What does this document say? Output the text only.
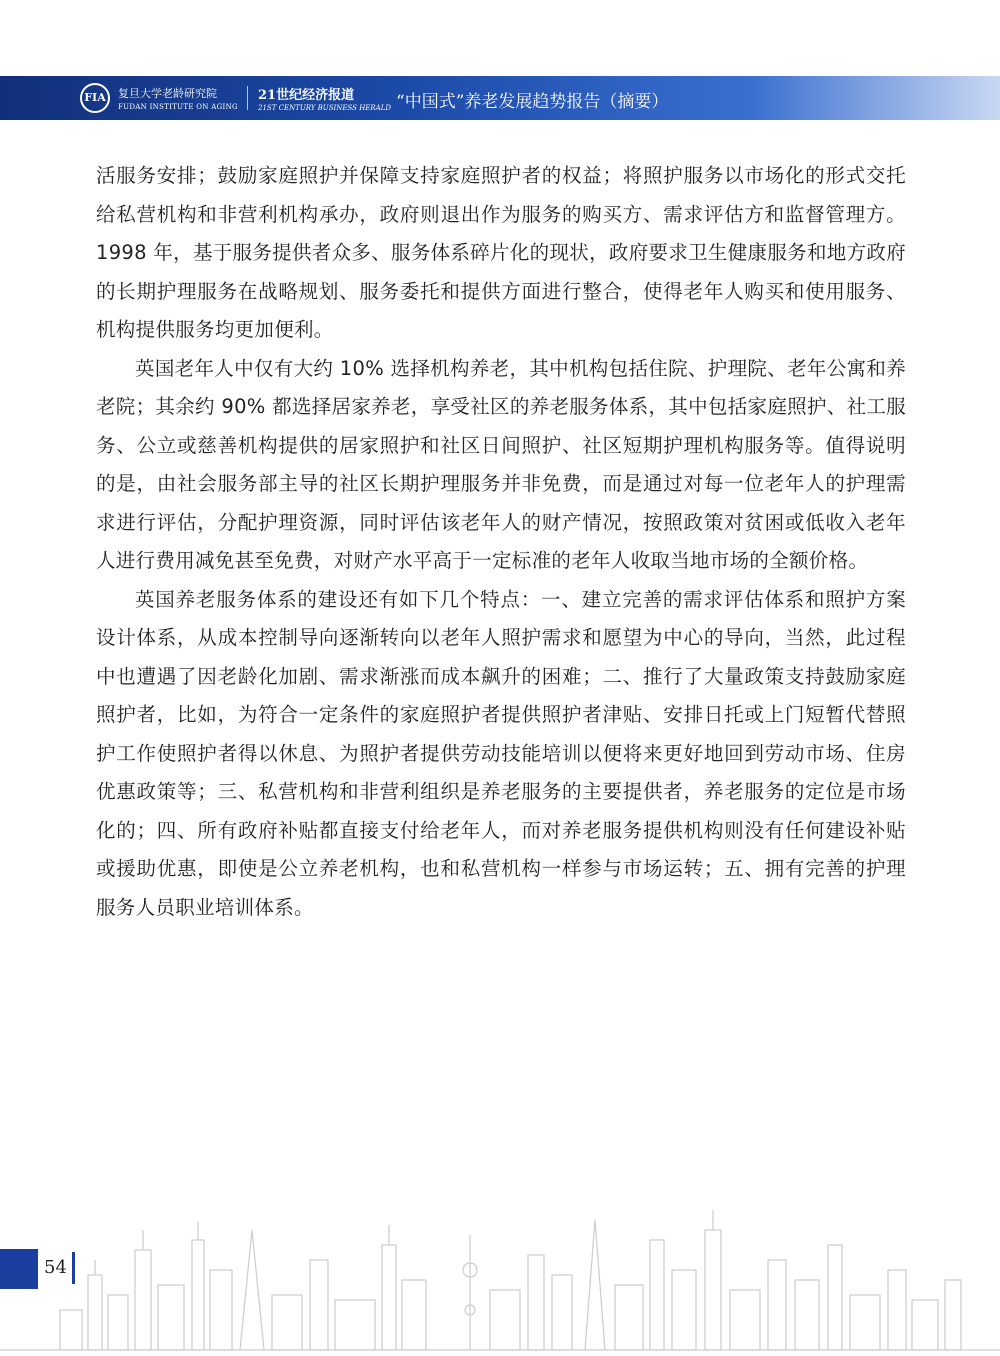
FIA	复旦大学老龄研究院
FUDAN INSTITUTE ON AGING
21世纪经济报道
21ST CENTURY BUSINESS HERALD “中国式”养老发展趋势报告（摘要）

活服务安排；鼓励家庭照护并保障支持家庭照护者的权益；将照护服务以市场化的形式交托给私营机构和非营利机构承办，政府则退出作为服务的购买方、需求评估方和监督管理方。1998 年，基于服务提供者众多、服务体系碎片化的现状，政府要求卫生健康服务和地方政府的长期护理服务在战略规划、服务委托和提供方面进行整合，使得老年人购买和使用服务、机构提供服务均更加便利。

英国老年人中仅有大约 10% 选择机构养老，其中机构包括住院、护理院、老年公寓和养老院；其余约 90% 都选择居家养老，享受社区的养老服务体系，其中包括家庭照护、社工服务、公立或慈善机构提供的居家照护和社区日间照护、社区短期护理机构服务等。值得说明的是，由社会服务部主导的社区长期护理服务并非免费，而是通过对每一位老年人的护理需求进行评估，分配护理资源，同时评估该老年人的财产情况，按照政策对贫困或低收入老年人进行费用减免甚至免费，对财产水平高于一定标准的老年人收取当地市场的全额价格。

英国养老服务体系的建设还有如下几个特点：一、建立完善的需求评估体系和照护方案设计体系，从成本控制导向逐渐转向以老年人照护需求和愿望为中心的导向，当然，此过程中也遭遇了因老龄化加剧、需求渐涨而成本飙升的困难；二、推行了大量政策支持鼓励家庭照护者，比如，为符合一定条件的家庭照护者提供照护者津贴、安排日托或上门短暂代替照护工作使照护者得以休息、为照护者提供劳动技能培训以便将来更好地回到劳动市场、住房优惠政策等；三、私营机构和非营利组织是养老服务的主要提供者，养老服务的定位是市场化的；四、所有政府补贴都直接支付给老年人，而对养老服务提供机构则没有任何建设补贴或援助优惠，即使是公立养老机构，也和私营机构一样参与市场运转；五、拥有完善的护理服务人员职业培训体系。

54
